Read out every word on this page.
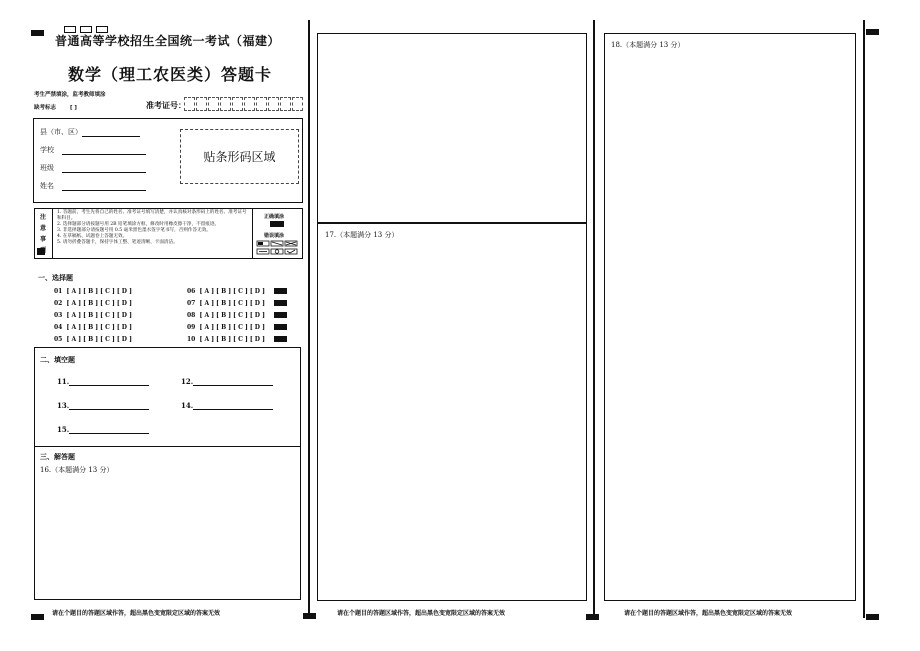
普通高等学校招生全国统一考试（福建）
数学（理工农医类）答题卡
考生严禁填涂，监考教师填涂
缺考标志	[ ]	准考证号：
县（市、区）
学校
班级
姓名
贴条形码区域
注
意
事
项
1. 答题前，考生先将自己的姓名、准考证号填写清楚，并认真核对条形码上的姓名、准考证号和科目。
2. 选择题部分请按题号用 2B 铅笔填涂方框，修改时用橡皮擦干净，不留痕迹。
3. 非选择题部分请按题号用 0.5 毫米黑色墨水签字笔书写，否则作答无效。
4. 在草稿纸、试题卷上答题无效。
5. 请勿折叠答题卡，保持字体工整、笔迹清晰、卡面清洁。
正确填涂
错误填涂
一、选择题
01 [ A ] [ B ] [ C ] [ D ]
02 [ A ] [ B ] [ C ] [ D ]
03 [ A ] [ B ] [ C ] [ D ]
04 [ A ] [ B ] [ C ] [ D ]
05 [ A ] [ B ] [ C ] [ D ]
06 [ A ] [ B ] [ C ] [ D ]
07 [ A ] [ B ] [ C ] [ D ]
08 [ A ] [ B ] [ C ] [ D ]
09 [ A ] [ B ] [ C ] [ D ]
10 [ A ] [ B ] [ C ] [ D ]
二、填空题
11.	12.
13.	14.
15.
三、解答题
16.（本题满分 13 分）
17.（本题满分 13 分）
18.（本题满分 13 分）
请在个题目的答题区域作答，超出黑色变宽限定区域的答案无效	请在个题目的答题区域作答，超出黑色变宽限定区域的答案无效	请在个题目的答题区域作答，超出黑色变宽限定区域的答案无效
